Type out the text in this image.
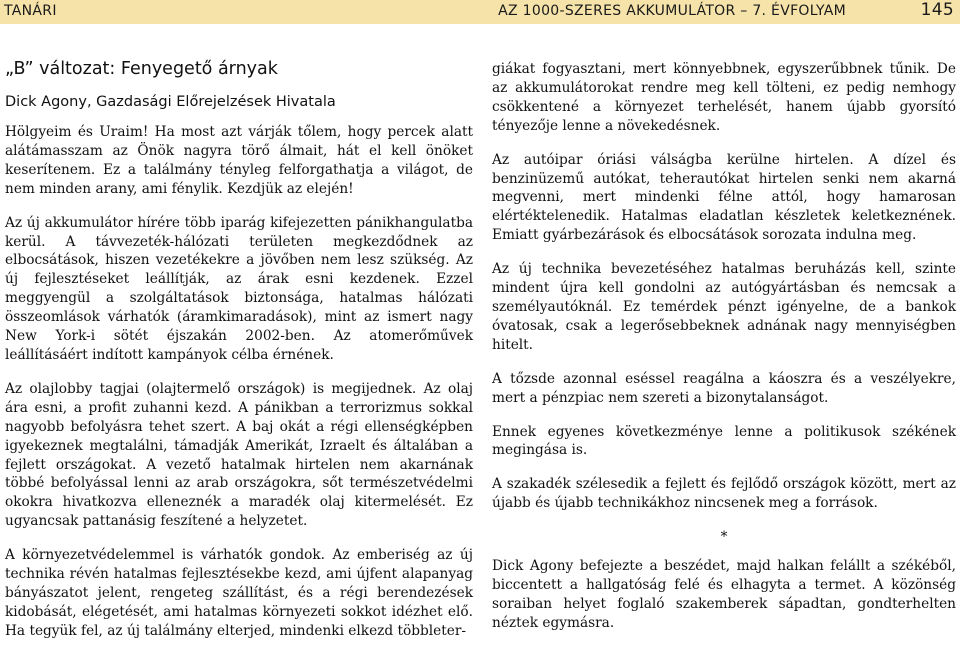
TANÁRI	AZ 1000-SZERES AKKUMULÁTOR – 7. ÉVFOLYAM	145
„B” változat: Fenyegető árnyak
Dick Agony, Gazdasági Előrejelzések Hivatala

Hölgyeim és Uraim! Ha most azt várják tőlem, hogy percek alatt alátámasszam az Önök nagyra törő álmait, hát el kell önöket keserítenem. Ez a találmány tényleg felforgathatja a világot, de nem minden arany, ami fénylik. Kezdjük az elején!

Az új akkumulátor hírére több iparág kifejezetten pánikhangulatba kerül. A távvezeték-hálózati területen megkezdődnek az elbocsátások, hiszen vezetékekre a jövőben nem lesz szükség. Az új fejlesztéseket leállítják, az árak esni kezdenek. Ezzel meggyengül a szolgáltatások biztonsága, hatalmas hálózati összeomlások várhatók (áramkimaradások), mint az ismert nagy New York-i sötét éjszakán 2002-ben. Az atomerőművek leállításáért indított kampányok célba érnének.

Az olajlobby tagjai (olajtermelő országok) is megijednek. Az olaj ára esni, a profit zuhanni kezd. A pánikban a terrorizmus sokkal nagyobb befolyásra tehet szert. A baj okát a régi ellenségképben igyekeznek megtalálni, támadják Amerikát, Izraelt és általában a fejlett országokat. A vezető hatalmak hirtelen nem akarnának többé befolyással lenni az arab országokra, sőt természetvédelmi okokra hivatkozva elleneznék a maradék olaj kitermelését. Ez ugyancsak pattanásig feszítené a helyzetet.

A környezetvédelemmel is várhatók gondok. Az emberiség az új technika révén hatalmas fejlesztésekbe kezd, ami újfent alapanyag bányászatot jelent, rengeteg szállítást, és a régi berendezések kidobását, elégetését, ami hatalmas környezeti sokkot idézhet elő. Ha tegyük fel, az új találmány elterjed, mindenki elkezd többleter-

giákat fogyasztani, mert könnyebbnek, egyszerűbbnek tűnik. De az akkumulátorokat rendre meg kell tölteni, ez pedig nemhogy csökkentené a környezet terhelését, hanem újabb gyorsító tényezője lenne a növekedésnek.

Az autóipar óriási válságba kerülne hirtelen. A dízel és benzinüzemű autókat, teherautókat hirtelen senki nem akarná megvenni, mert mindenki félne attól, hogy hamarosan elértéktelenedik. Hatalmas eladatlan készletek keletkeznének. Emiatt gyárbezárások és elbocsátások sorozata indulna meg.

Az új technika bevezetéséhez hatalmas beruházás kell, szinte mindent újra kell gondolni az autógyártásban és nemcsak a személyautóknál. Ez temérdek pénzt igényelne, de a bankok óvatosak, csak a legerősebbeknek adnának nagy mennyiségben hitelt.

A tőzsde azonnal eséssel reagálna a káoszra és a veszélyekre, mert a pénzpiac nem szereti a bizonytalanságot.

Ennek egyenes következménye lenne a politikusok székének megingása is.

A szakadék szélesedik a fejlett és fejlődő országok között, mert az újabb és újabb technikákhoz nincsenek meg a források.

*

Dick Agony befejezte a beszédet, majd halkan felállt a székéből, biccentett a hallgatóság felé és elhagyta a termet. A közönség soraiban helyet foglaló szakemberek sápadtan, gondterhelten néztek egymásra.
